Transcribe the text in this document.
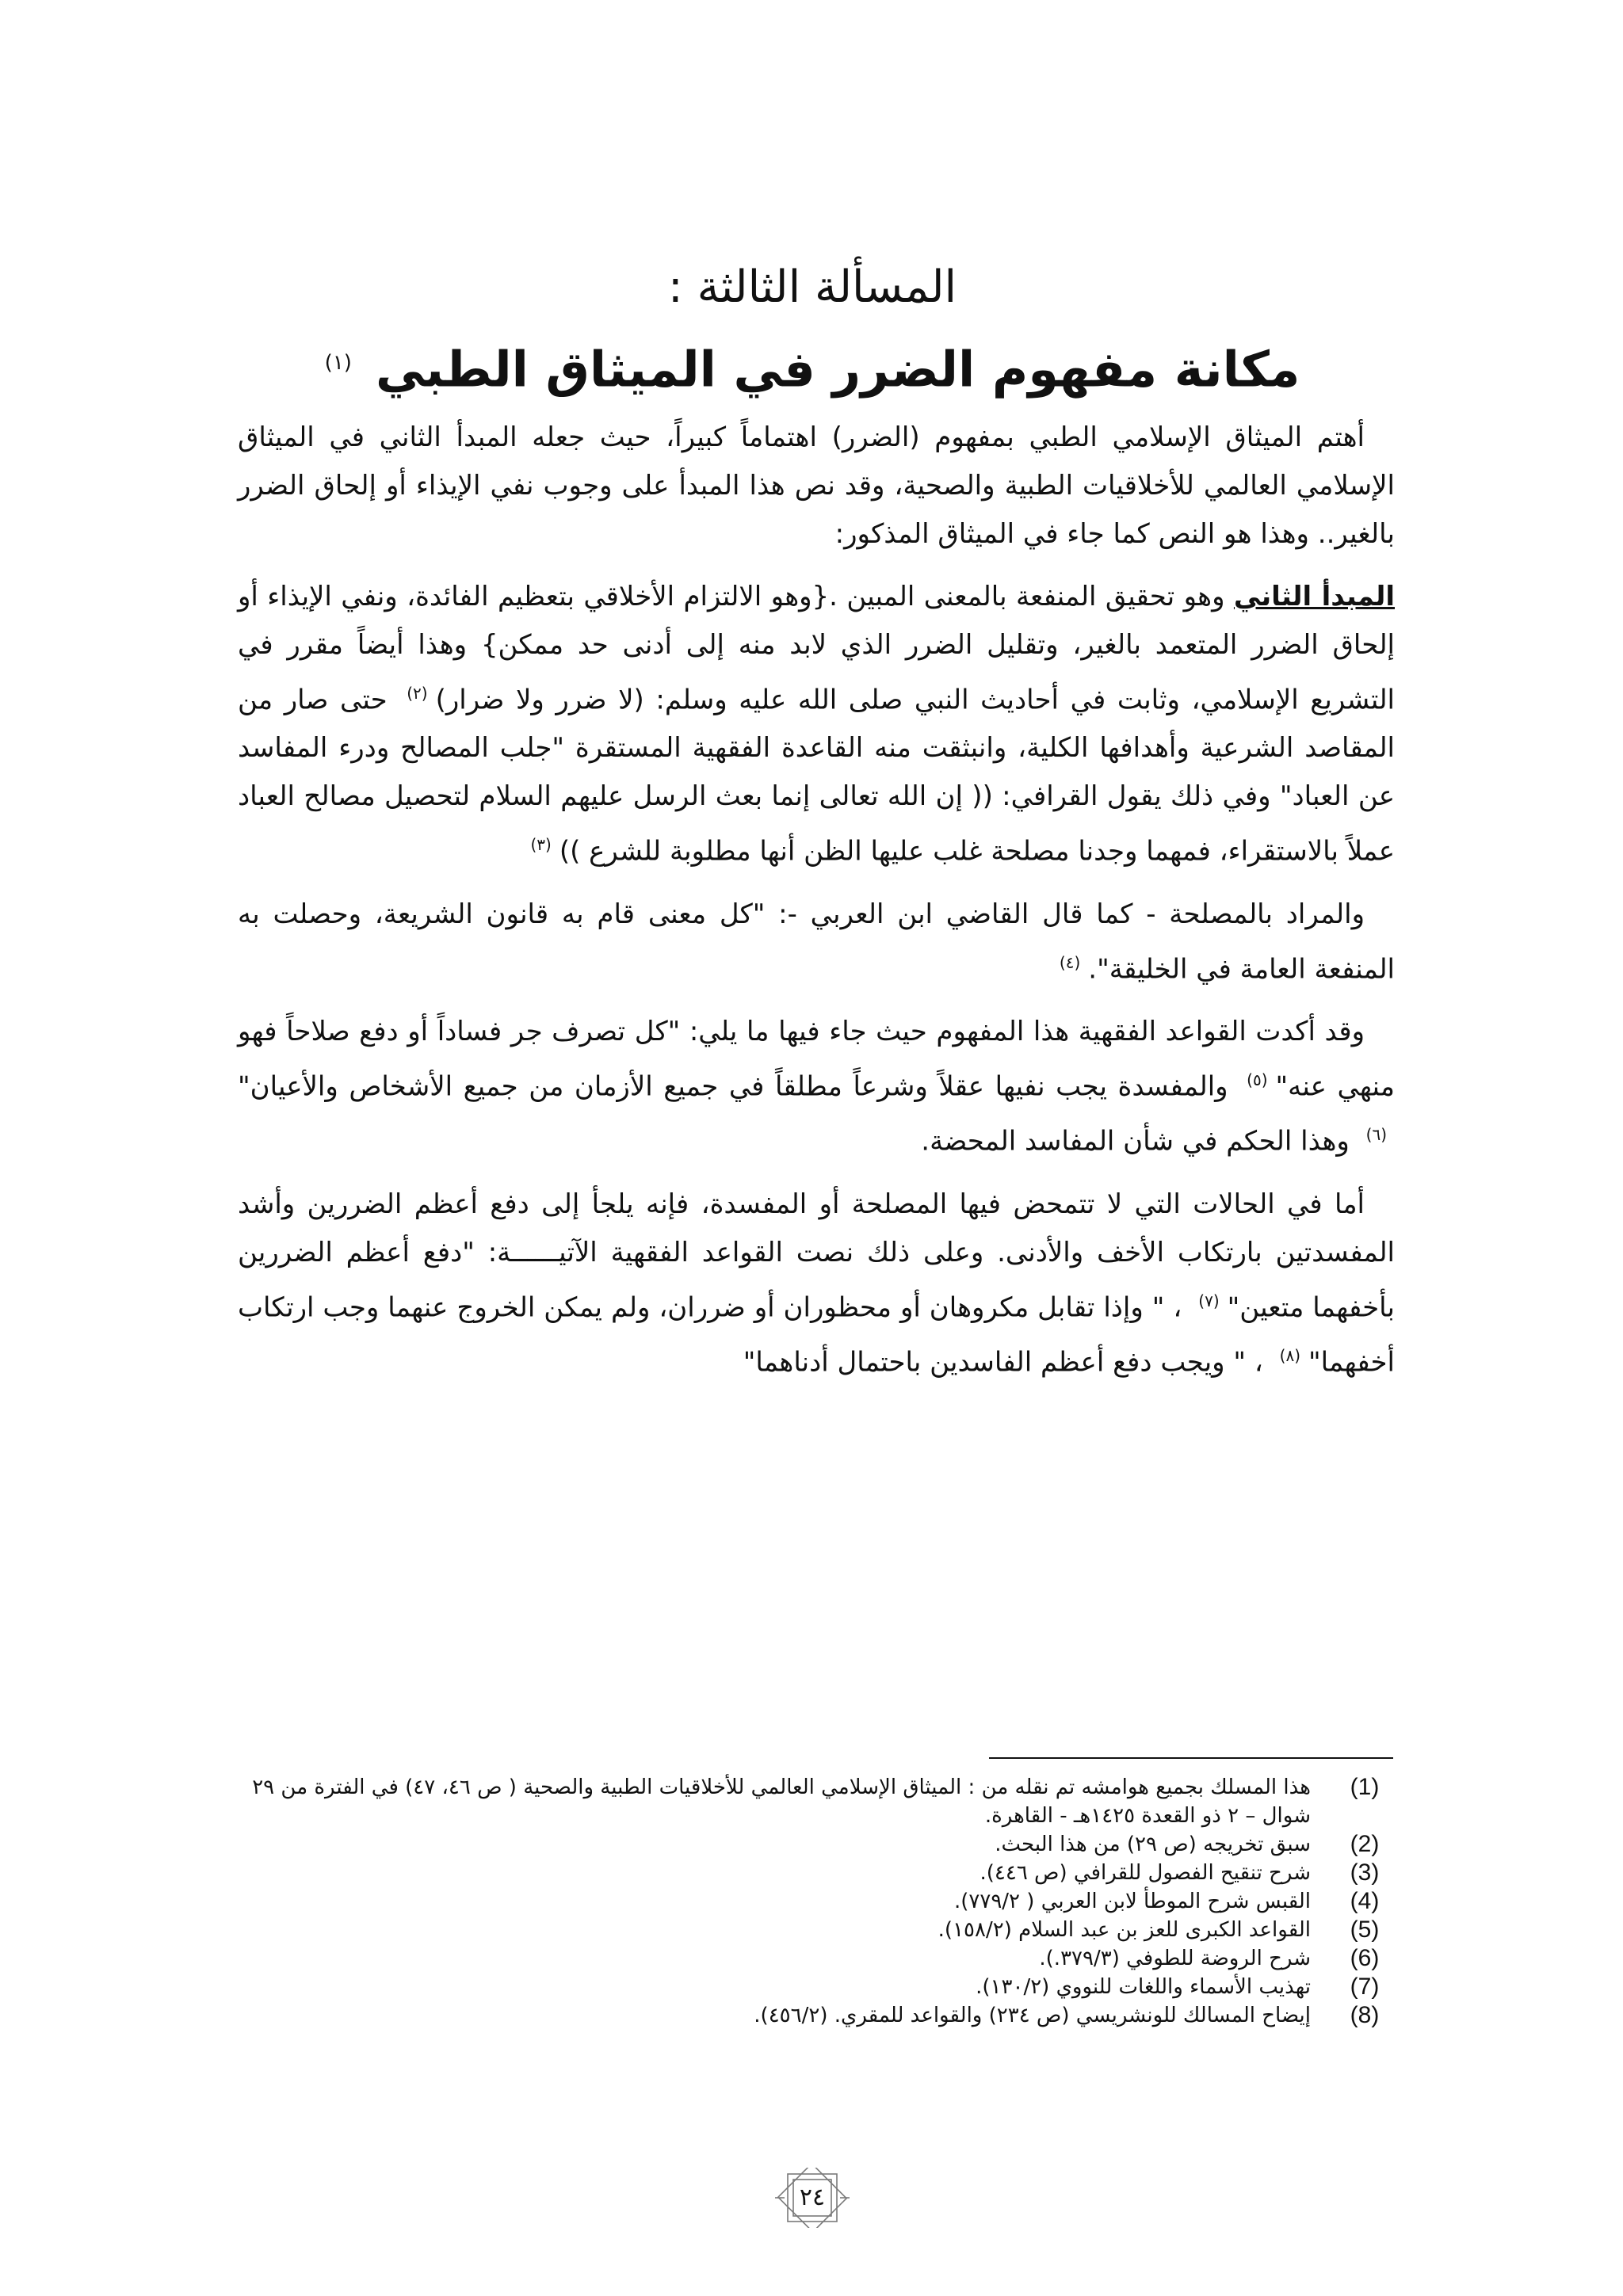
المسألة الثالثة :
مكانة مفهوم الضرر في الميثاق الطبي$^{(١)}$

أهتم الميثاق الإسلامي الطبي بمفهوم (الضرر) اهتماماً كبيراً، حيث جعله المبدأ الثاني في الميثاق الإسلامي العالمي للأخلاقيات الطبية والصحية، وقد نص هذا المبدأ على وجوب نفي الإيذاء أو إلحاق الضرر بالغير.. وهذا هو النص كما جاء في الميثاق المذكور:

المبدأ الثاني وهو تحقيق المنفعة بالمعنى المبين .{وهو الالتزام الأخلاقي بتعظيم الفائدة، ونفي الإيذاء أو إلحاق الضرر المتعمد بالغير، وتقليل الضرر الذي لابد منه إلى أدنى حد ممكن} وهذا أيضاً مقرر في التشريع الإسلامي، وثابت في أحاديث النبي صلى الله عليه وسلم: (لا ضرر ولا ضرار)$^{(٢)}$ حتى صار من المقاصد الشرعية وأهدافها الكلية، وانبثقت منه القاعدة الفقهية المستقرة "جلب المصالح ودرء المفاسد عن العباد" وفي ذلك يقول القرافي: (( إن الله تعالى إنما بعث الرسل عليهم السلام لتحصيل مصالح العباد عملاً بالاستقراء، فمهما وجدنا مصلحة غلب عليها الظن أنها مطلوبة للشرع ))$^{(٣)}$

والمراد بالمصلحة - كما قال القاضي ابن العربي -: "كل معنى قام به قانون الشريعة، وحصلت به المنفعة العامة في الخليقة".$^{(٤)}$

وقد أكدت القواعد الفقهية هذا المفهوم حيث جاء فيها ما يلي: "كل تصرف جر فساداً أو دفع صلاحاً فهو منهي عنه"$^{(٥)}$ والمفسدة يجب نفيها عقلاً وشرعاً مطلقاً في جميع الأزمان من جميع الأشخاص والأعيان"$^{(٦)}$ وهذا الحكم في شأن المفاسد المحضة.

أما في الحالات التي لا تتمحض فيها المصلحة أو المفسدة، فإنه يلجأ إلى دفع أعظم الضررين وأشد المفسدتين بارتكاب الأخف والأدنى. وعلى ذلك نصت القواعد الفقهية الآتيــــــة: "دفع أعظم الضررين بأخفهما متعين"$^{(٧)}$ ، " وإذا تقابل مكروهان أو محظوران أو ضرران، ولم يمكن الخروج عنهما وجب ارتكاب أخفهما"$^{(٨)}$ ، " ويجب دفع أعظم الفاسدين باحتمال أدناهما"

(1)
هذا المسلك بجميع هوامشه تم نقله من : الميثاق الإسلامي العالمي للأخلاقيات الطبية والصحية ( ص ٤٦، ٤٧) في الفترة من ٢٩ شوال – ٢ ذو القعدة ١٤٢٥هـ - القاهرة.
(2)
سبق تخريجه (ص ٢٩) من هذا البحث.
(3)
شرح تنقيح الفصول للقرافي (ص ٤٤٦).
(4)
القبس شرح الموطأ لابن العربي ( ٧٧٩/٢).
(5)
القواعد الكبرى للعز بن عبد السلام (١٥٨/٢).
(6)
شرح الروضة للطوفي (٣٧٩/٣.).
(7)
تهذيب الأسماء واللغات للنووي (١٣٠/٢).
(8)
إيضاح المسالك للونشريسي (ص ٢٣٤) والقواعد للمقري. (٤٥٦/٢).
٢٤
